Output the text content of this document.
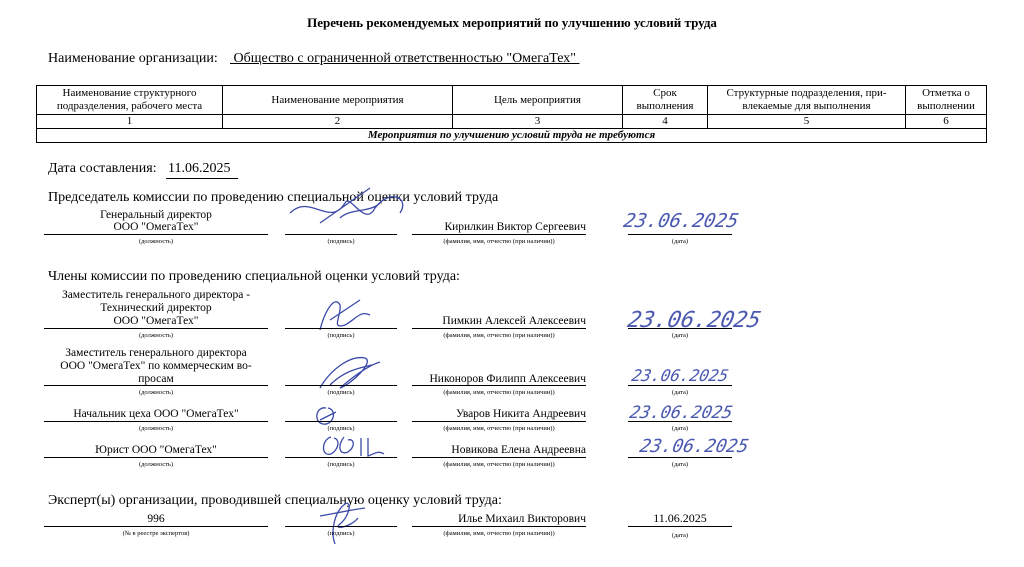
Перечень рекомендуемых мероприятий по улучшению условий труда
Наименование организации: Общество с ограниченной ответственностью "ОмегаТех"
Наименование структурного подразделения, рабочего места	Наименование мероприятия	Цель мероприятия	Срок выполнения	Структурные подразделения, при-влекаемые для выполнения	Отметка о выполнении
1	2	3	4	5	6
Мероприятия по улучшению условий труда не требуются					
Дата составления: 11.06.2025
Председатель комиссии по проведению специальной оценки условий труда
Генеральный директор
ООО "ОмегаТех"
(должность)	(подпись)
Кирилкин Виктор Сергеевич
(фамилия, имя, отчество (при наличии))
23.06.2025
(дата)
Члены комиссии по проведению специальной оценки условий труда:
Заместитель генерального директора -
Технический директор
ООО "ОмегаТех"
(должность)	(подпись)
Пимкин Алексей Алексеевич
(фамилия, имя, отчество (при наличии))
23.06.2025
(дата)
Заместитель генерального директора
ООО "ОмегаТех" по коммерческим во-
просам
(должность)	(подпись)
Никоноров Филипп Алексеевич
(фамилия, имя, отчество (при наличии))
23.06.2025
(дата)
Начальник цеха ООО "ОмегаТех"
(должность)	(подпись)
Уваров Никита Андреевич
(фамилия, имя, отчество (при наличии))
23.06.2025
(дата)
Юрист ООО "ОмегаТех"
(должность)	(подпись)
Новикова Елена Андреевна
(фамилия, имя, отчество (при наличии))
23.06.2025
(дата)
Эксперт(ы) организации, проводившей специальную оценку условий труда:
996
(№ в реестре экспертов)	(подпись)
Илье Михаил Викторович
(фамилия, имя, отчество (при наличии))
11.06.2025
(дата)
